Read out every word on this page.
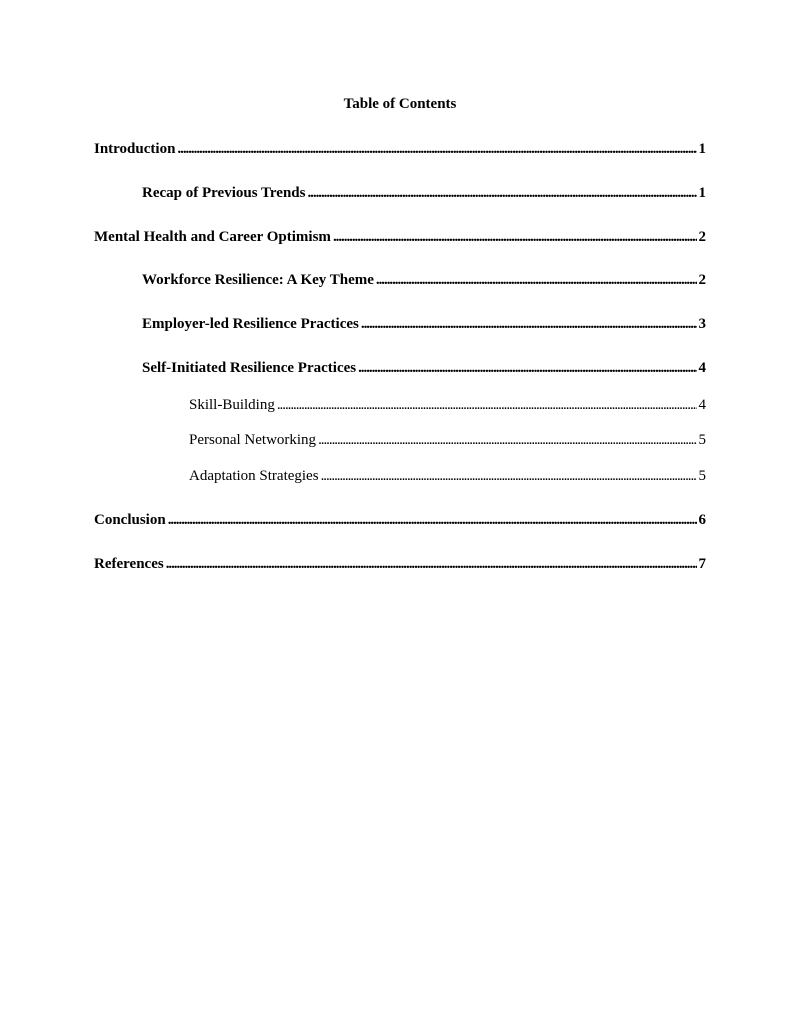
Table of Contents
Introduction . . .	1
Recap of Previous Trends . . .	1
Mental Health and Career Optimism . . .	2
Workforce Resilience: A Key Theme . . .	2
Employer-led Resilience Practices . . .	3
Self-Initiated Resilience Practices . . .	4
Skill-Building . . .	4
Personal Networking . . .	5
Adaptation Strategies . . .	5
Conclusion . . .	6
References . . .	7
